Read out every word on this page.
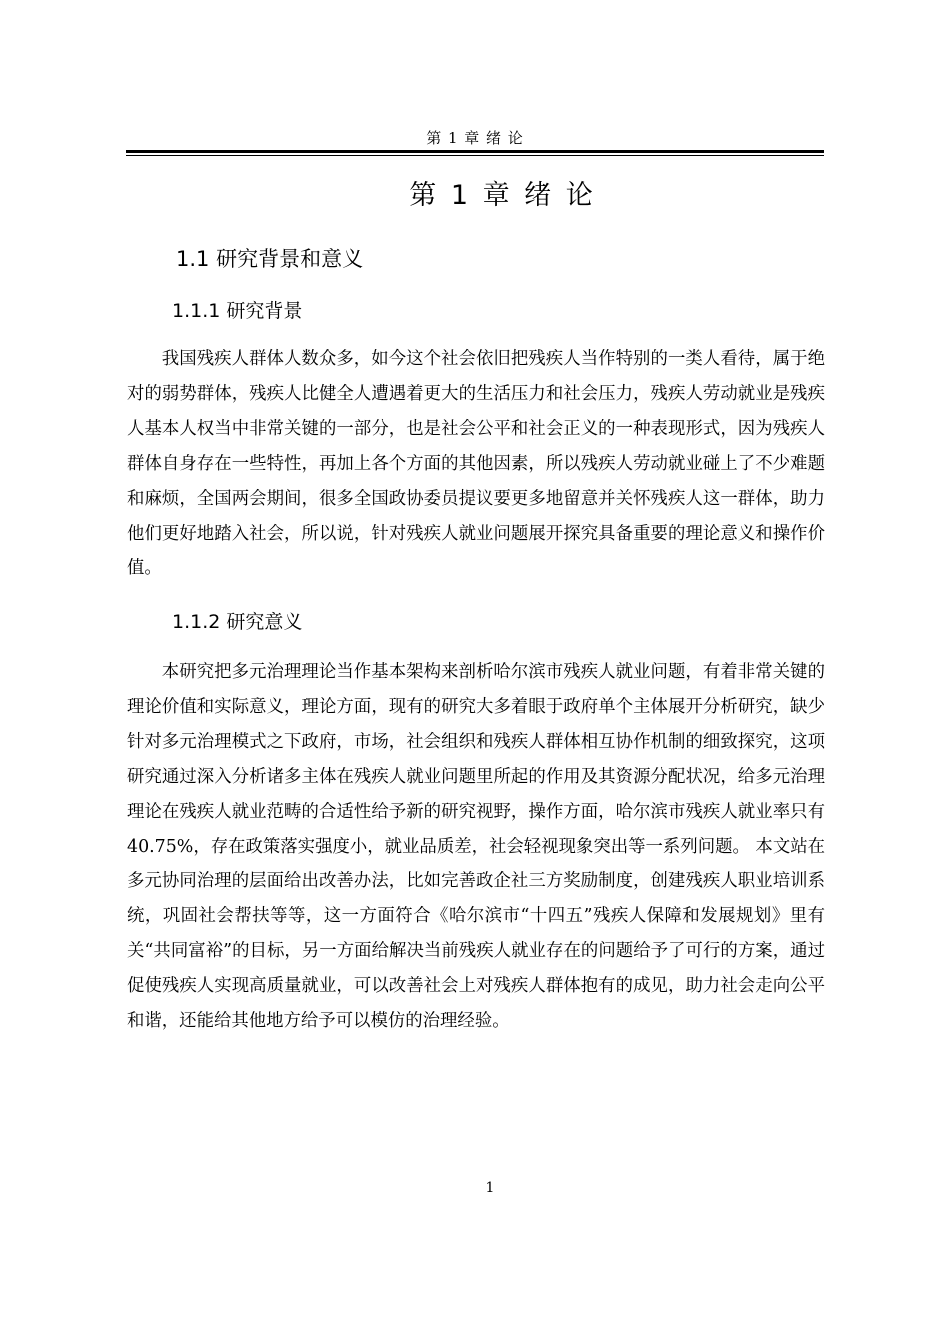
第 1 章 绪 论
第 1 章 绪 论
1.1 研究背景和意义
1.1.1 研究背景

我国残疾人群体人数众多，如今这个社会依旧把残疾人当作特别的一类人看待，属于绝对的弱势群体，残疾人比健全人遭遇着更大的生活压力和社会压力，残疾人劳动就业是残疾人基本人权当中非常关键的一部分，也是社会公平和社会正义的一种表现形式，因为残疾人群体自身存在一些特性，再加上各个方面的其他因素，所以残疾人劳动就业碰上了不少难题和麻烦，全国两会期间，很多全国政协委员提议要更多地留意并关怀残疾人这一群体，助力他们更好地踏入社会，所以说，针对残疾人就业问题展开探究具备重要的理论意义和操作价值。

1.1.2 研究意义

本研究把多元治理理论当作基本架构来剖析哈尔滨市残疾人就业问题，有着非常关键的理论价值和实际意义，理论方面，现有的研究大多着眼于政府单个主体展开分析研究，缺少针对多元治理模式之下政府，市场，社会组织和残疾人群体相互协作机制的细致探究，这项研究通过深入分析诸多主体在残疾人就业问题里所起的作用及其资源分配状况，给多元治理理论在残疾人就业范畴的合适性给予新的研究视野，操作方面，哈尔滨市残疾人就业率只有 40.75%，存在政策落实强度小，就业品质差，社会轻视现象突出等一系列问题。 本文站在多元协同治理的层面给出改善办法，比如完善政企社三方奖励制度，创建残疾人职业培训系统，巩固社会帮扶等等，这一方面符合《哈尔滨市“十四五”残疾人保障和发展规划》里有关“共同富裕”的目标，另一方面给解决当前残疾人就业存在的问题给予了可行的方案，通过促使残疾人实现高质量就业，可以改善社会上对残疾人群体抱有的成见，助力社会走向公平和谐，还能给其他地方给予可以模仿的治理经验。

1
